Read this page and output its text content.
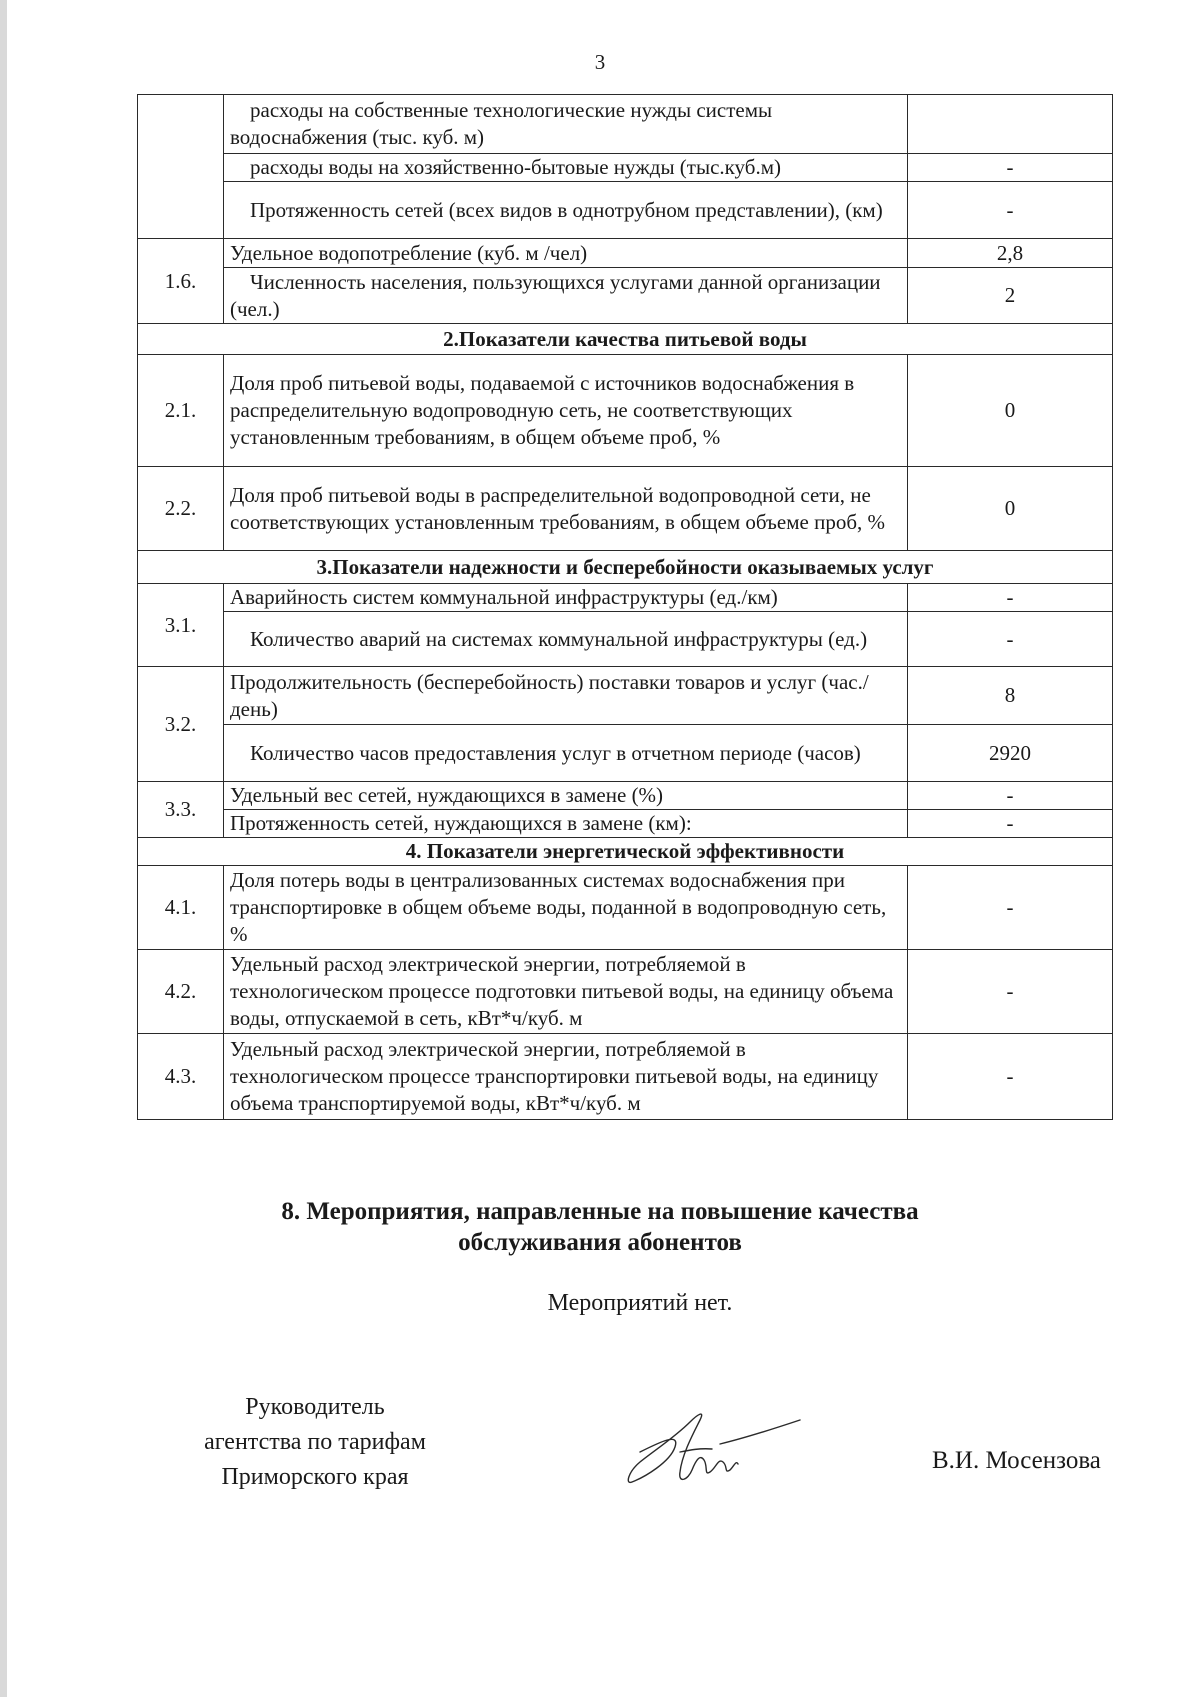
3
	расходы на собственные технологические нужды системы водоснабжения (тыс. куб. м)	
	расходы воды на хозяйственно-бытовые нужды (тыс.куб.м)	-
	Протяженность сетей (всех видов в однотрубном представлении), (км)	-
1.6.	Удельное водопотребление (куб. м /чел)	2,8
	Численность населения, пользующихся услугами данной организации (чел.)	2
2.Показатели качества питьевой воды		
2.1.	Доля проб питьевой воды, подаваемой с источников водоснабжения в распределительную водопроводную сеть, не соответствующих установленным требованиям, в общем объеме проб, %	0
2.2.	Доля проб питьевой воды в распределительной водопроводной сети, не соответствующих установленным требованиям, в общем объеме проб, %	0
3.Показатели надежности и бесперебойности оказываемых услуг		
3.1.	Аварийность систем коммунальной инфраструктуры (ед./км)	-
	Количество аварий на системах коммунальной инфраструктуры (ед.)	-
3.2.	Продолжительность (бесперебойность) поставки товаров и услуг (час./день)	8
	Количество часов предоставления услуг в отчетном периоде (часов)	2920
3.3.	Удельный вес сетей, нуждающихся в замене (%)	-
	Протяженность сетей, нуждающихся в замене (км):	-
4. Показатели энергетической эффективности		
4.1.	Доля потерь воды в централизованных системах водоснабжения при транспортировке в общем объеме воды, поданной в водопроводную сеть, %	-
4.2.	Удельный расход электрической энергии, потребляемой в технологическом процессе подготовки питьевой воды, на единицу объема воды, отпускаемой в сеть, кВт*ч/куб. м	-
4.3.	Удельный расход электрической энергии, потребляемой в технологическом процессе транспортировки питьевой воды, на единицу объема транспортируемой воды, кВт*ч/куб. м	-
8. Мероприятия, направленные на повышение качества
обслуживания абонентов
Мероприятий нет.
Руководитель
агентства по тарифам
Приморского края
В.И. Мосензова
